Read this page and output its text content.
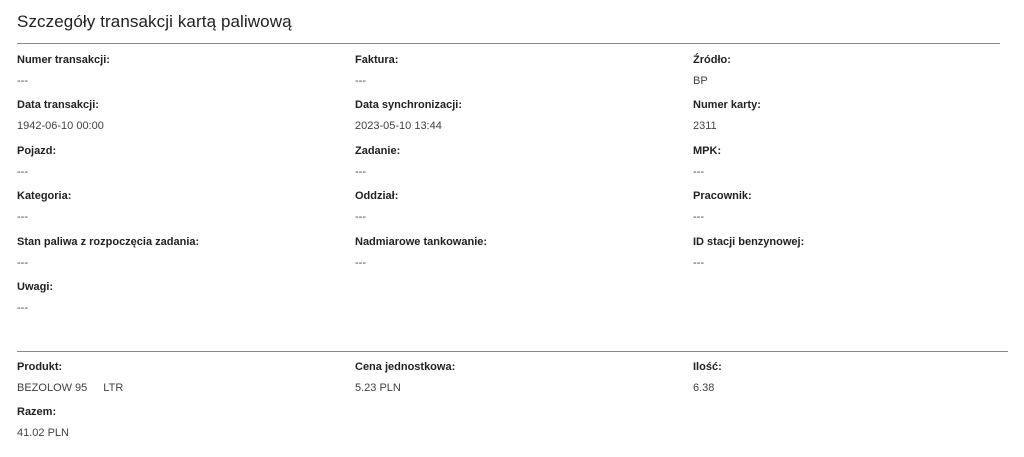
Szczegóły transakcji kartą paliwową
Numer transakcji:
---
Faktura:
---
Źródło:
BP
Data transakcji:
1942-06-10 00:00
Data synchronizacji:
2023-05-10 13:44
Numer karty:
2311
Pojazd:
---
Zadanie:
---
MPK:
---
Kategoria:
---
Oddział:
---
Pracownik:
---
Stan paliwa z rozpoczęcia zadania:
---
Nadmiarowe tankowanie:
---
ID stacji benzynowej:
---
Uwagi:
---
Produkt:
BEZOLOW 95 LTR
Cena jednostkowa:
5.23 PLN
Ilość:
6.38
Razem:
41.02 PLN
